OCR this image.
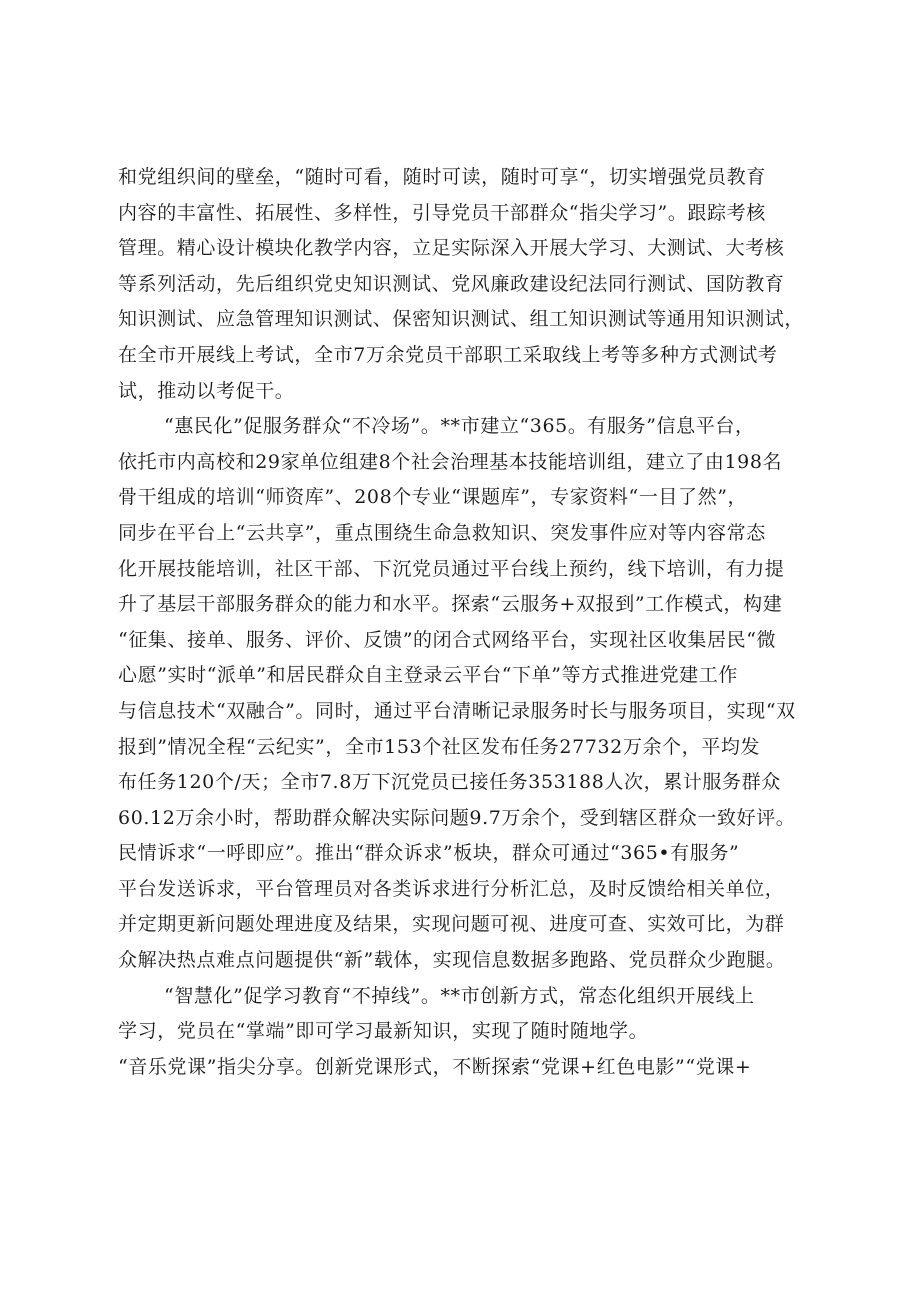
和党组织间的壁垒，“随时可看，随时可读，随时可享“，切实增强党员教育
内容的丰富性、拓展性、多样性，引导党员干部群众“指尖学习”。跟踪考核
管理。精心设计模块化教学内容，立足实际深入开展大学习、大测试、大考核
等系列活动，先后组织党史知识测试、党风廉政建设纪法同行测试、国防教育
知识测试、应急管理知识测试、保密知识测试、组工知识测试等通用知识测试，
在全市开展线上考试，全市7万余党员干部职工采取线上考等多种方式测试考
试，推动以考促干。
“惠民化”促服务群众“不冷场”。**市建立“365。有服务”信息平台，
依托市内高校和29家单位组建8个社会治理基本技能培训组，建立了由198名
骨干组成的培训“师资库”、208个专业“课题库”，专家资料“一目了然”，
同步在平台上“云共享”，重点围绕生命急救知识、突发事件应对等内容常态
化开展技能培训，社区干部、下沉党员通过平台线上预约，线下培训，有力提
升了基层干部服务群众的能力和水平。探索“云服务+双报到”工作模式，构建
“征集、接单、服务、评价、反馈”的闭合式网络平台，实现社区收集居民“微
心愿”实时“派单”和居民群众自主登录云平台“下单”等方式推进党建工作
与信息技术“双融合”。同时，通过平台清晰记录服务时长与服务项目，实现“双
报到”情况全程“云纪实”，全市153个社区发布任务27732万余个，平均发
布任务120个/天；全市7.8万下沉党员已接任务353188人次，累计服务群众
60.12万余小时，帮助群众解决实际问题9.7万余个，受到辖区群众一致好评。
民情诉求“一呼即应”。推出“群众诉求”板块，群众可通过“365•有服务”
平台发送诉求，平台管理员对各类诉求进行分析汇总，及时反馈给相关单位，
并定期更新问题处理进度及结果，实现问题可视、进度可查、实效可比，为群
众解决热点难点问题提供“新”载体，实现信息数据多跑路、党员群众少跑腿。
“智慧化”促学习教育“不掉线”。**市创新方式，常态化组织开展线上
学习，党员在“掌端”即可学习最新知识，实现了随时随地学。
“音乐党课”指尖分享。创新党课形式，不断探索“党课+红色电影”“党课+
